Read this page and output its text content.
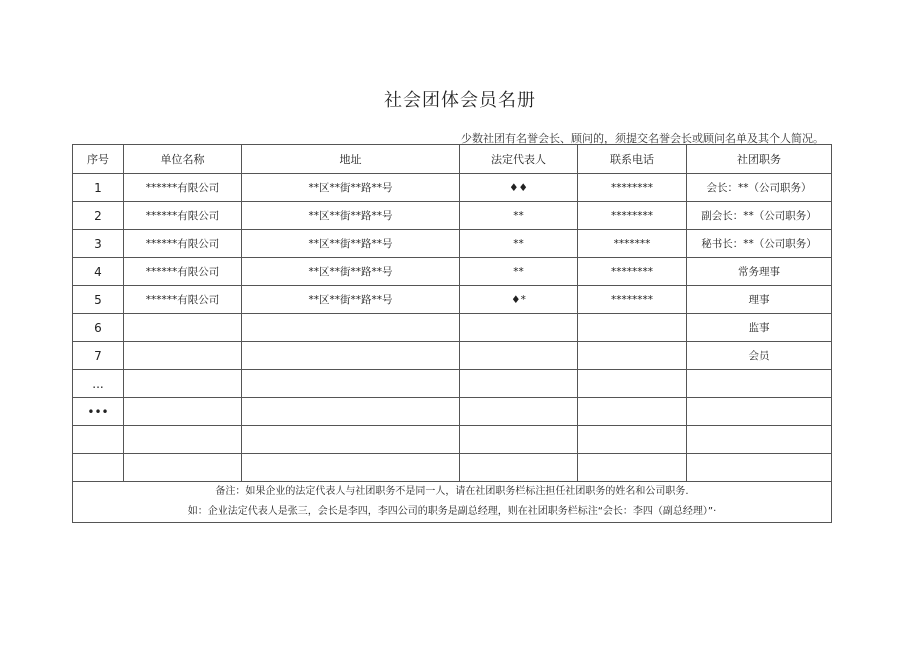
社会团体会员名册
少数社团有名誉会长、顾问的，须提交名誉会长或顾问名单及其个人简况。
序号	单位名称	地址	法定代表人	联系电话	社团职务
1	******有限公司	**区**街**路**号	♦♦	********	会长：**（公司职务）
2	******有限公司	**区**街**路**号	**	********	副会长：**（公司职务）
3	******有限公司	**区**街**路**号	**	*******	秘书长：**（公司职务）
4	******有限公司	**区**街**路**号	**	********	常务理事
5	******有限公司	**区**街**路**号	♦*	********	理事
6					监事
7					会员
...					
•••					

备注：如果企业的法定代表人与社团职务不是同一人，请在社团职务栏标注担任社团职务的姓名和公司职务.
如：企业法定代表人是张三，会长是李四，李四公司的职务是副总经理，则在社团职务栏标注“会长：李四（副总经理）”·					
